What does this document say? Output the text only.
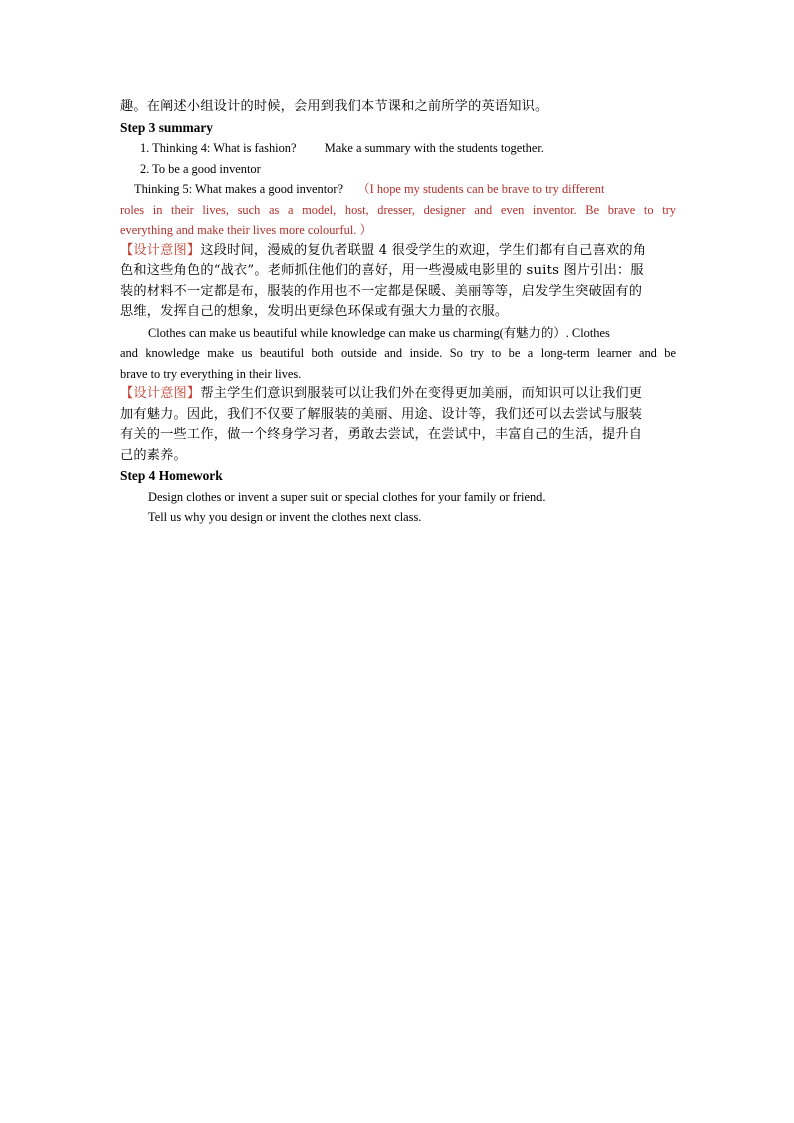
趣。在阐述小组设计的时候，会用到我们本节课和之前所学的英语知识。
Step 3 summary
1. Thinking 4: What is fashion? Make a summary with the students together.
2. To be a good inventor
Thinking 5: What makes a good inventor? （I hope my students can be brave to try different
roles in their lives, such as a model, host, dresser, designer and even inventor. Be brave to try
everything and make their lives more colourful. ）
【设计意图】这段时间，漫威的复仇者联盟 4 很受学生的欢迎，学生们都有自己喜欢的角
色和这些角色的“战衣”。老师抓住他们的喜好，用一些漫威电影里的 suits 图片引出：服
装的材料不一定都是布，服装的作用也不一定都是保暖、美丽等等，启发学生突破固有的
思维，发挥自己的想象，发明出更绿色环保或有强大力量的衣服。
Clothes can make us beautiful while knowledge can make us charming(有魅力的）. Clothes
and knowledge make us beautiful both outside and inside. So try to be a long-term learner and be
brave to try everything in their lives.
【设计意图】帮主学生们意识到服装可以让我们外在变得更加美丽，而知识可以让我们更
加有魅力。因此，我们不仅要了解服装的美丽、用途、设计等，我们还可以去尝试与服装
有关的一些工作，做一个终身学习者，勇敢去尝试，在尝试中，丰富自己的生活，提升自
己的素养。
Step 4 Homework
Design clothes or invent a super suit or special clothes for your family or friend.
Tell us why you design or invent the clothes next class.
